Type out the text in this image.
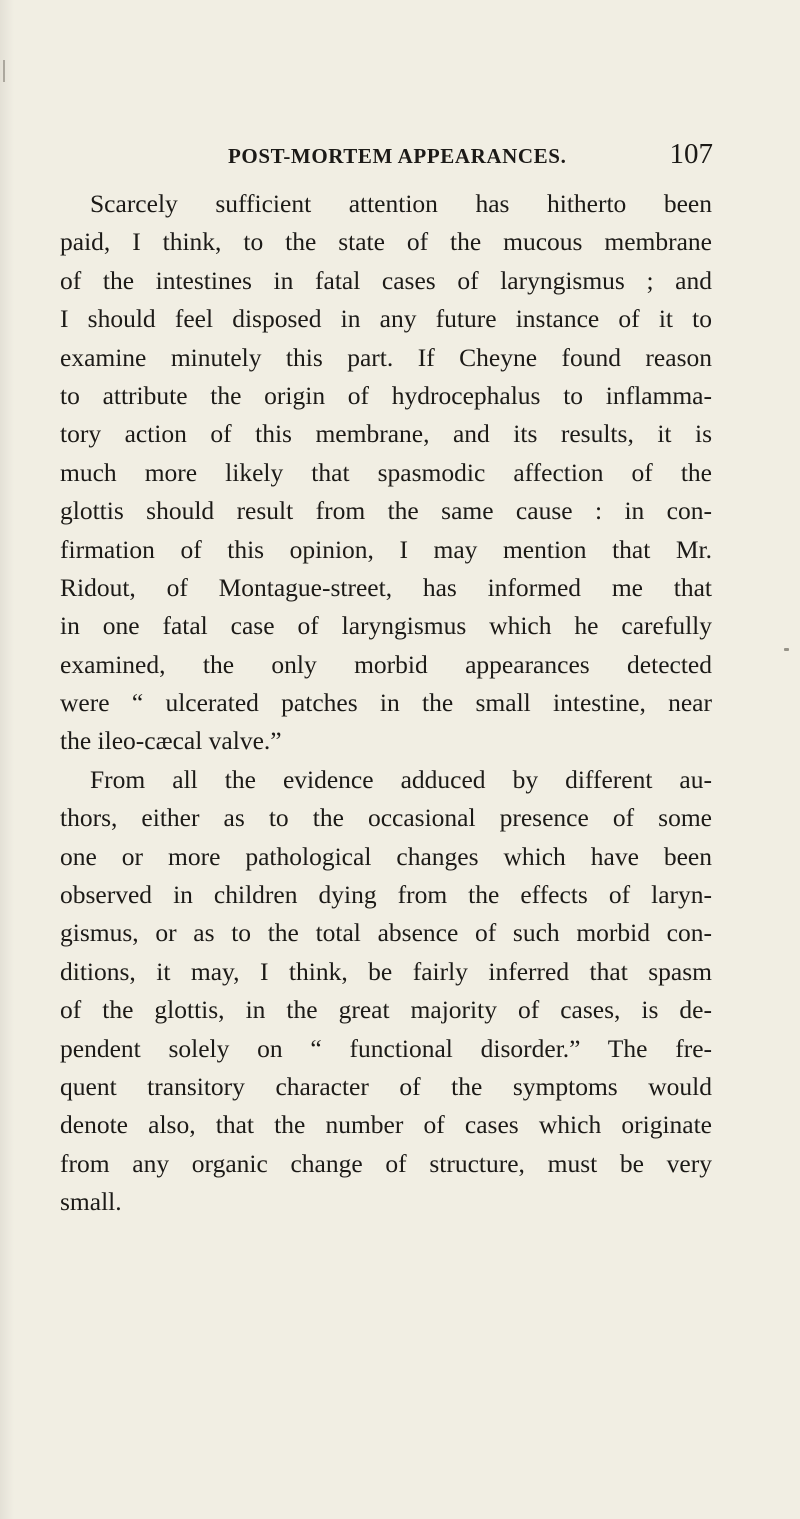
POST-MORTEM APPEARANCES.	107
Scarcely sufficient attention has hitherto been
paid, I think, to the state of the mucous membrane
of the intestines in fatal cases of laryngismus ; and
I should feel disposed in any future instance of it to
examine minutely this part. If Cheyne found reason
to attribute the origin of hydrocephalus to inflamma-
tory action of this membrane, and its results, it is
much more likely that spasmodic affection of the
glottis should result from the same cause : in con-
firmation of this opinion, I may mention that Mr.
Ridout, of Montague-street, has informed me that
in one fatal case of laryngismus which he carefully
examined, the only morbid appearances detected
were “ ulcerated patches in the small intestine, near
the ileo-cæcal valve.”
From all the evidence adduced by different au-
thors, either as to the occasional presence of some
one or more pathological changes which have been
observed in children dying from the effects of laryn-
gismus, or as to the total absence of such morbid con-
ditions, it may, I think, be fairly inferred that spasm
of the glottis, in the great majority of cases, is de-
pendent solely on “ functional disorder.” The fre-
quent transitory character of the symptoms would
denote also, that the number of cases which originate
from any organic change of structure, must be very
small.
